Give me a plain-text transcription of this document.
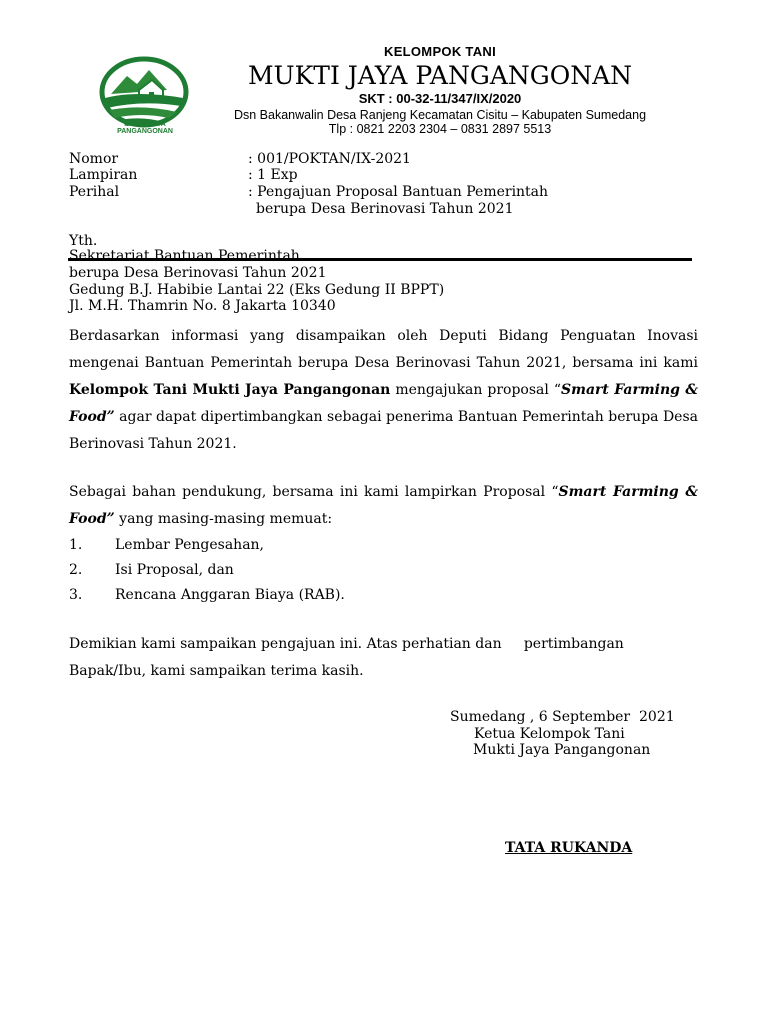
MUKTI JAYA PANGANGONAN
KELOMPOK TANI
MUKTI JAYA PANGANGONAN
SKT : 00-32-11/347/IX/2020
Dsn Bakanwalin Desa Ranjeng Kecamatan Cisitu – Kabupaten Sumedang
Tlp : 0821 2203 2304 – 0831 2897 5513
Nomor	: 001/POKTAN/IX-2021
Lampiran	: 1 Exp
Perihal	: Pengajuan Proposal Bantuan Pemerintah
berupa Desa Berinovasi Tahun 2021
Yth.
Sekretariat Bantuan Pemerintah
berupa Desa Berinovasi Tahun 2021
Gedung B.J. Habibie Lantai 22 (Eks Gedung II BPPT)
Jl. M.H. Thamrin No. 8 Jakarta 10340
Berdasarkan informasi yang disampaikan oleh Deputi Bidang Penguatan Inovasi mengenai Bantuan Pemerintah berupa Desa Berinovasi Tahun 2021, bersama ini kami Kelompok Tani Mukti Jaya Pangangonan mengajukan proposal “Smart Farming & Food” agar dapat dipertimbangkan sebagai penerima Bantuan Pemerintah berupa Desa Berinovasi Tahun 2021.
Sebagai bahan pendukung, bersama ini kami lampirkan Proposal “Smart Farming & Food” yang masing-masing memuat:
1. Lembar Pengesahan,
2. Isi Proposal, dan
3. Rencana Anggaran Biaya (RAB).
Demikian kami sampaikan pengajuan ini. Atas perhatian dan     pertimbangan
Bapak/Ibu, kami sampaikan terima kasih.
Sumedang , 6 September  2021
Ketua Kelompok Tani
Mukti Jaya Pangangonan
TATA RUKANDA
